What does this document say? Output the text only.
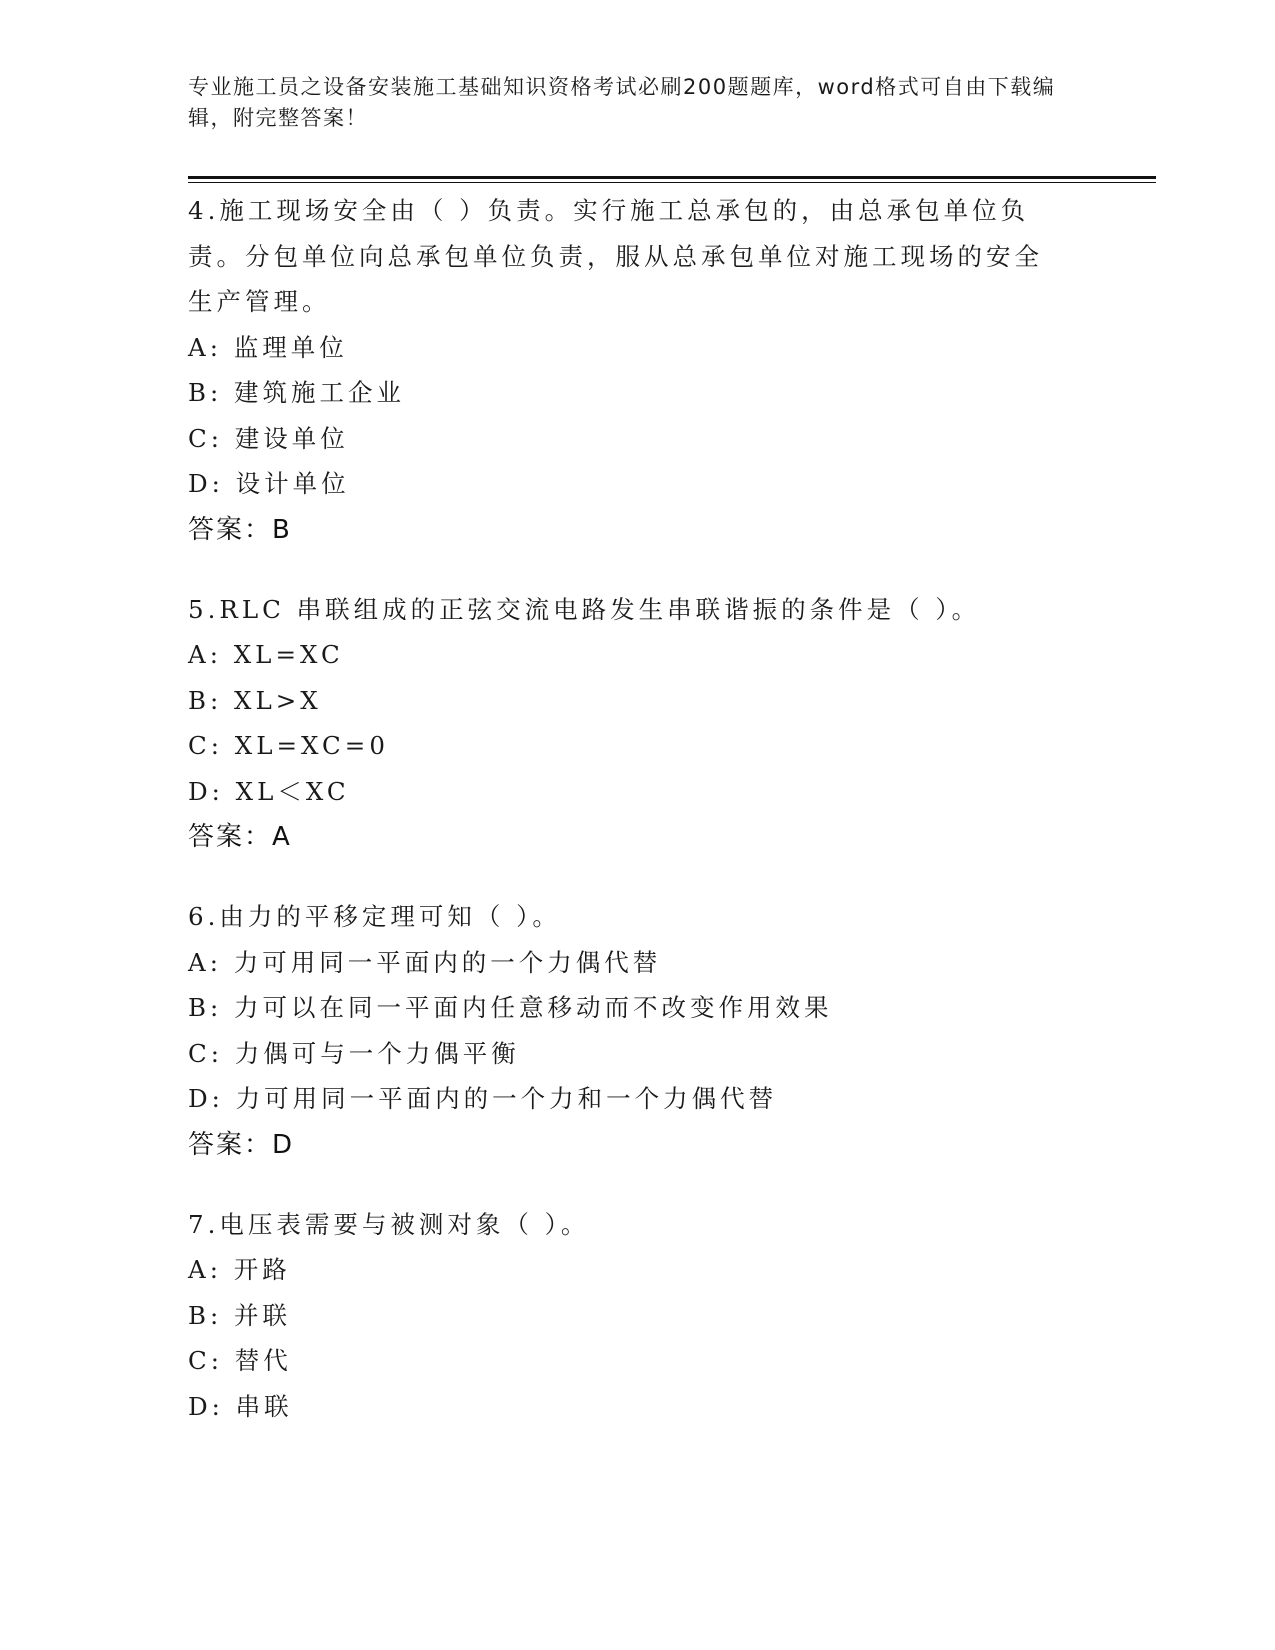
专业施工员之设备安装施工基础知识资格考试必刷200题题库，word格式可自由下载编辑，附完整答案！

4.施工现场安全由（ ）负责。实行施工总承包的，由总承包单位负责。分包单位向总承包单位负责，服从总承包单位对施工现场的安全生产管理。

A: 监理单位

B: 建筑施工企业

C: 建设单位

D: 设计单位

答案：B

5.RLC 串联组成的正弦交流电路发生串联谐振的条件是（ ）。

A: XL=XC

B: XL>X

C: XL=XC=0

D: XL＜XC

答案：A

6.由力的平移定理可知（ ）。

A: 力可用同一平面内的一个力偶代替

B: 力可以在同一平面内任意移动而不改变作用效果

C: 力偶可与一个力偶平衡

D: 力可用同一平面内的一个力和一个力偶代替

答案：D

7.电压表需要与被测对象（ ）。

A: 开路

B: 并联

C: 替代

D: 串联
